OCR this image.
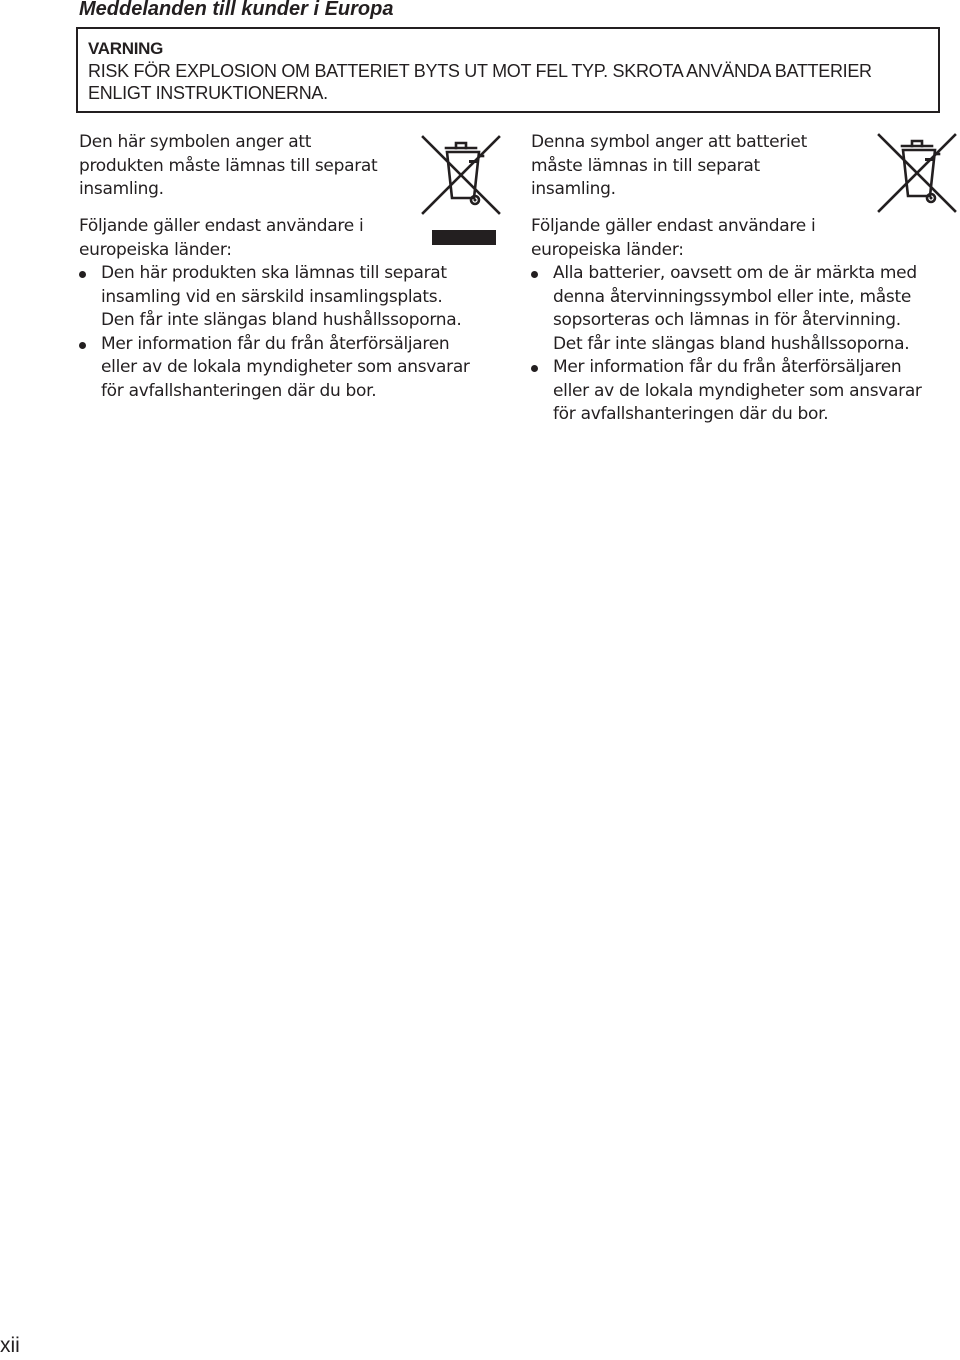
Meddelanden till kunder i Europa
VARNING
RISK FÖR EXPLOSION OM BATTERIET BYTS UT MOT FEL TYP. SKROTA ANVÄNDA BATTERIER ENLIGT INSTRUKTIONERNA.
Den här symbolen anger att
produkten måste lämnas till separat
insamling.
Följande gäller endast användare i
europeiska länder:
Den här produkten ska lämnas till separat
insamling vid en särskild insamlingsplats.
Den får inte slängas bland hushållssoporna.
Mer information får du från återförsäljaren
eller av de lokala myndigheter som ansvarar
för avfallshanteringen där du bor.
Denna symbol anger att batteriet
måste lämnas in till separat
insamling.
Följande gäller endast användare i
europeiska länder:
Alla batterier, oavsett om de är märkta med
denna återvinningssymbol eller inte, måste
sopsorteras och lämnas in för återvinning.
Det får inte slängas bland hushållssoporna.
Mer information får du från återförsäljaren
eller av de lokala myndigheter som ansvarar
för avfallshanteringen där du bor.
xii
